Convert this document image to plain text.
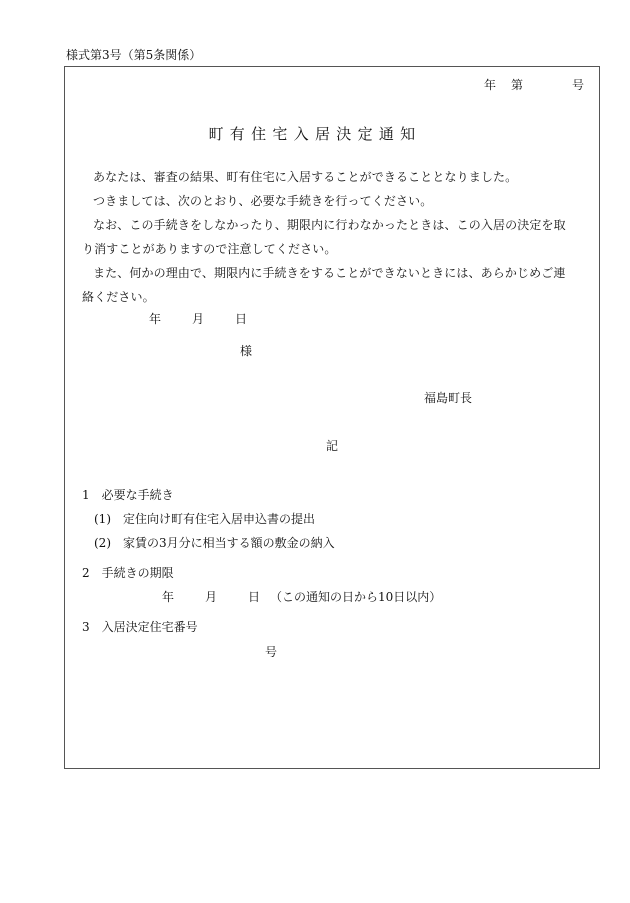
様式第3号（第5条関係）
年 第	号
町有住宅入居決定通知
あなたは、審査の結果、町有住宅に入居することができることとなりました。
つきましては、次のとおり、必要な手続きを行ってください。
なお、この手続きをしなかったり、期限内に行わなかったときは、この入居の決定を取
り消すことがありますので注意してください。
また、何かの理由で、期限内に手続きをすることができないときには、あらかじめご連
絡ください。
年	月	日
様
福島町長
記
1　必要な手続き
(1)　定住向け町有住宅入居申込書の提出
(2)　家賃の3月分に相当する額の敷金の納入
2　手続きの期限
年	月	日 （この通知の日から10日以内）
3　入居決定住宅番号
号
